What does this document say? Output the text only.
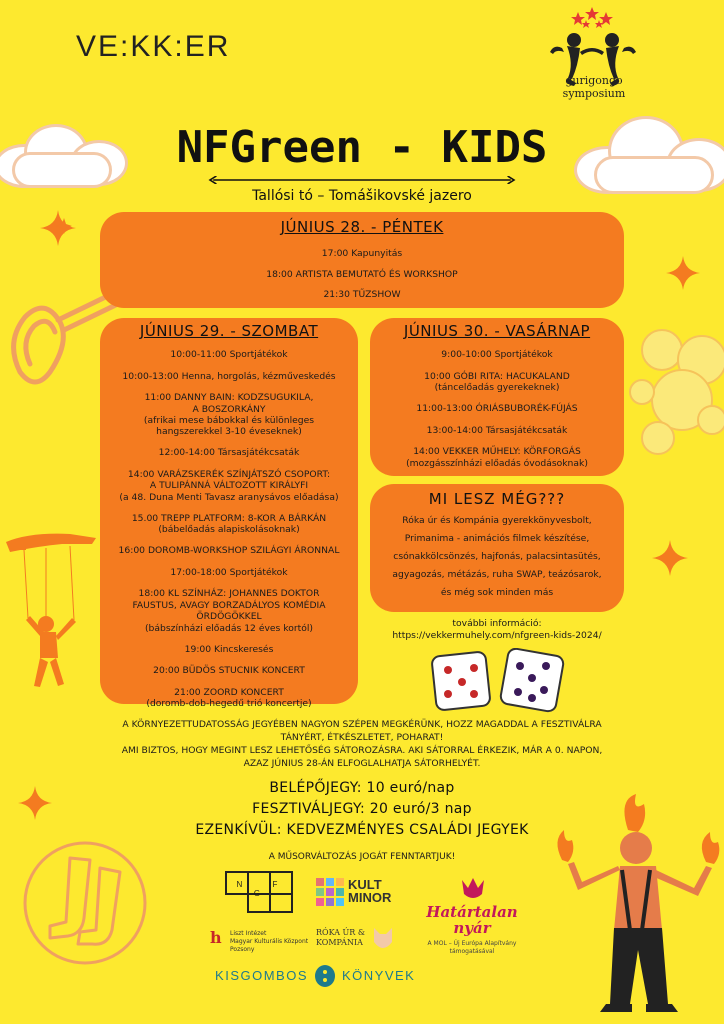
VE:KK:ER
gurigongo symposium
NFGreen - KIDS
Tallósi tó – Tomášikovské jazero
JÚNIUS 28. - PÉNTEK
17:00 Kapunyitás
18:00 ARTISTA BEMUTATÓ ÉS WORKSHOP
21:30 TŰZSHOW
JÚNIUS 29. - SZOMBAT
10:00-11:00 Sportjátékok
10:00-13:00 Henna, horgolás, kézműveskedés
11:00 DANNY BAIN: KODZSUGUKILA,
A BOSZORKÁNY
(afrikai mese bábokkal és különleges
hangszerekkel 3-10 éveseknek)
12:00-14:00 Társasjátékcsaták
14:00 VARÁZSKERÉK SZÍNJÁTSZÓ CSOPORT:
A TULIPÁNNÁ VÁLTOZOTT KIRÁLYFI
(a 48. Duna Menti Tavasz aranysávos előadása)
15.00 TREPP PLATFORM: 8-KOR A BÁRKÁN
(bábelőadás alapiskolásoknak)
16:00 DOROMB-WORKSHOP SZILÁGYI ÁRONNAL
17:00-18:00 Sportjátékok
18:00 KL SZÍNHÁZ: JOHANNES DOKTOR
FAUSTUS, AVAGY BORZADÁLYOS KOMÉDIA
ÖRDÖGÖKKEL
(bábszínházi előadás 12 éves kortól)
19:00 Kincskeresés
20:00 BÜDÖS STUCNIK KONCERT
21:00 ZOORD KONCERT
(doromb-dob-hegedű trió koncertje)
JÚNIUS 30. - VASÁRNAP
9:00-10:00 Sportjátékok
10:00 GÓBI RITA: HACUKALAND
(táncelőadás gyerekeknek)
11:00-13:00 ÓRIÁSBUBORÉK-FÚJÁS
13:00-14:00 Társasjátékcsaták
14:00 VEKKER MŰHELY: KÖRFORGÁS
(mozgásszínházi előadás óvodásoknak)
MI LESZ MÉG???
Róka úr és Kompánia gyerekkönyvesbolt,
Primanima - animációs filmek készítése,
csónakkölcsönzés, hajfonás, palacsintasütés,
agyagozás, métázás, ruha SWAP, teázósarok,
és még sok minden más
további információ:
https://vekkermuhely.com/nfgreen-kids-2024/
A KÖRNYEZETTUDATOSSÁG JEGYÉBEN NAGYON SZÉPEN MEGKÉRÜNK, HOZZ MAGADDAL A FESZTIVÁLRA
TÁNYÉRT, ÉTKÉSZLETET, POHARAT!
AMI BIZTOS, HOGY MEGINT LESZ LEHETŐSÉG SÁTOROZÁSRA. AKI SÁTORRAL ÉRKEZIK, MÁR A 0. NAPON,
AZAZ JÚNIUS 28-ÁN ELFOGLALHATJA SÁTORHELYÉT.
BELÉPŐJEGY: 10 euró/nap
FESZTIVÁLJEGY: 20 euró/3 nap
EZENKÍVÜL: KEDVEZMÉNYES CSALÁDI JEGYEK
A MŰSORVÁLTOZÁS JOGÁT FENNTARTJUK!
N F G
KULT MINOR
Határtalan nyár
A MOL – Új Európa Alapítvány támogatásával
h Liszt Intézet
Magyar Kulturális Központ Pozsony
RÓKA ÚR & KOMPÁNIA
KISGOMBOS	KÖNYVEK
